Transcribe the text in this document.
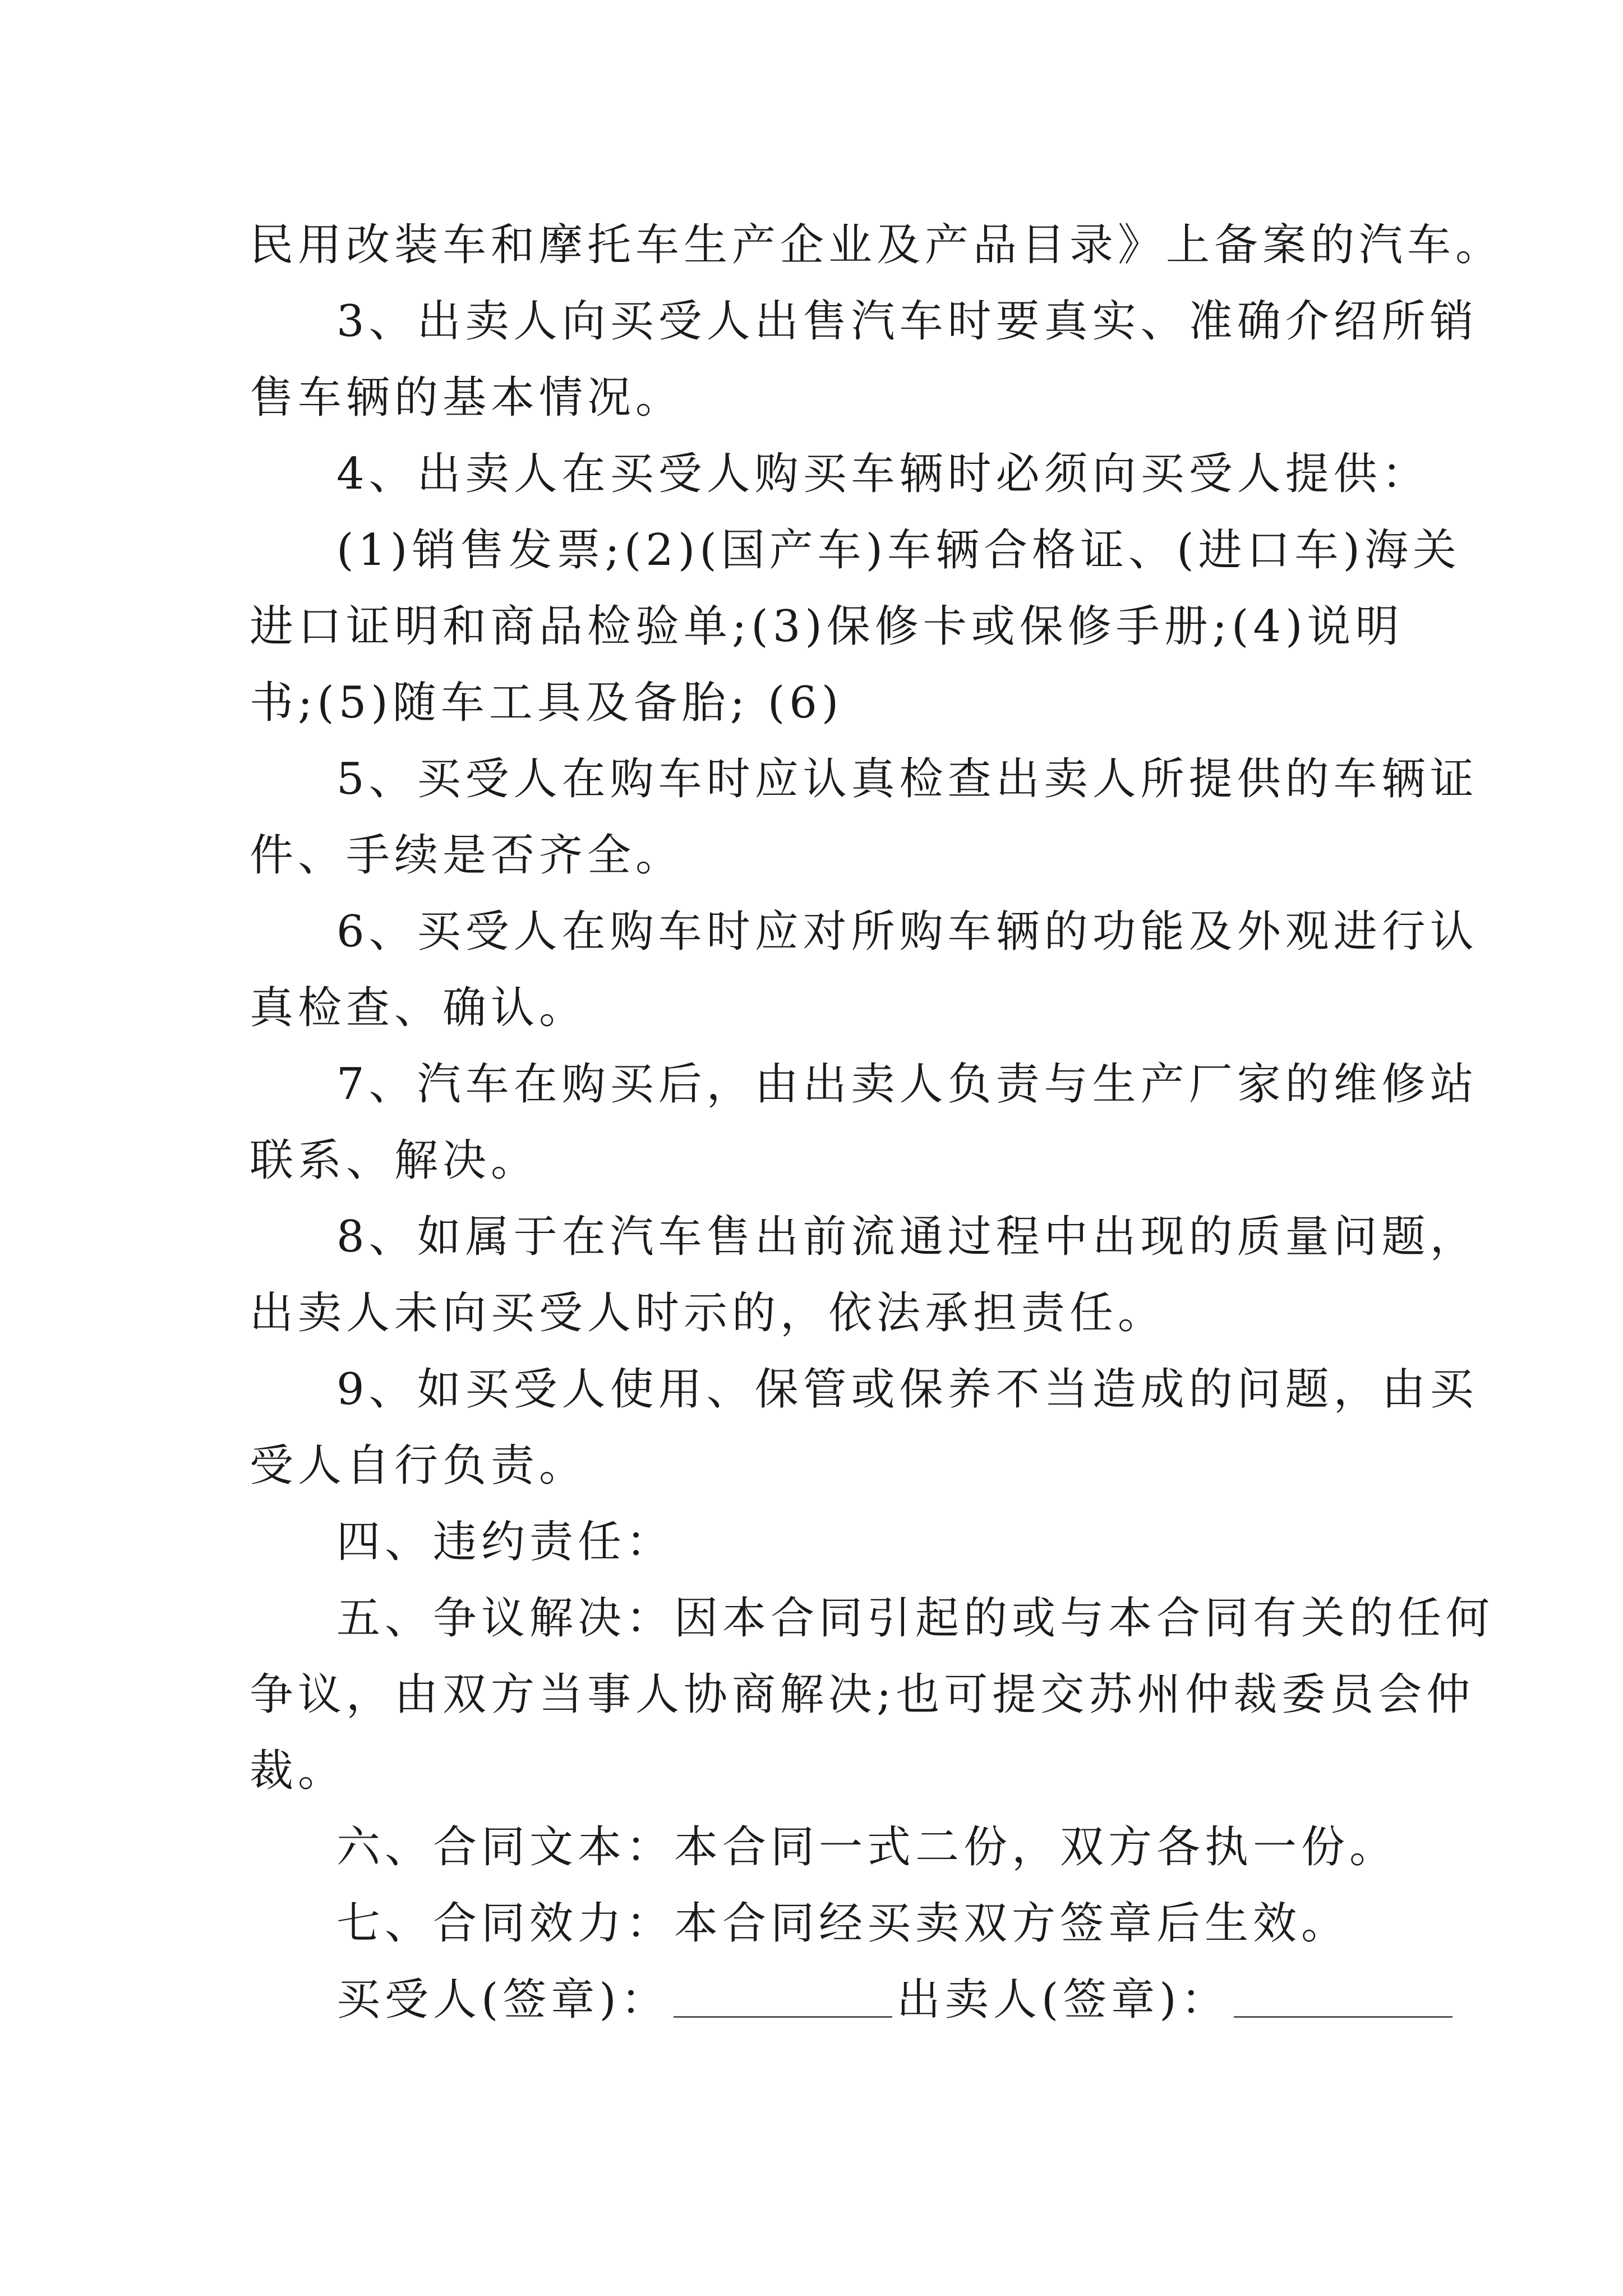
民用改装车和摩托车生产企业及产品目录》上备案的汽车。
3、出卖人向买受人出售汽车时要真实、准确介绍所销
售车辆的基本情况。
4、出卖人在买受人购买车辆时必须向买受人提供：
(1)销售发票;(2)(国产车)车辆合格证、(进口车)海关
进口证明和商品检验单;(3)保修卡或保修手册;(4)说明
书;(5)随车工具及备胎; (6)
5、买受人在购车时应认真检查出卖人所提供的车辆证
件、手续是否齐全。
6、买受人在购车时应对所购车辆的功能及外观进行认
真检查、确认。
7、汽车在购买后，由出卖人负责与生产厂家的维修站
联系、解决。
8、如属于在汽车售出前流通过程中出现的质量问题，
出卖人未向买受人时示的，依法承担责任。
9、如买受人使用、保管或保养不当造成的问题，由买
受人自行负责。
四、违约责任：
五、争议解决：因本合同引起的或与本合同有关的任何
争议，由双方当事人协商解决;也可提交苏州仲裁委员会仲
裁。
六、合同文本：本合同一式二份，双方各执一份。
七、合同效力：本合同经买卖双方签章后生效。
买受人(签章)：	出卖人(签章)：
